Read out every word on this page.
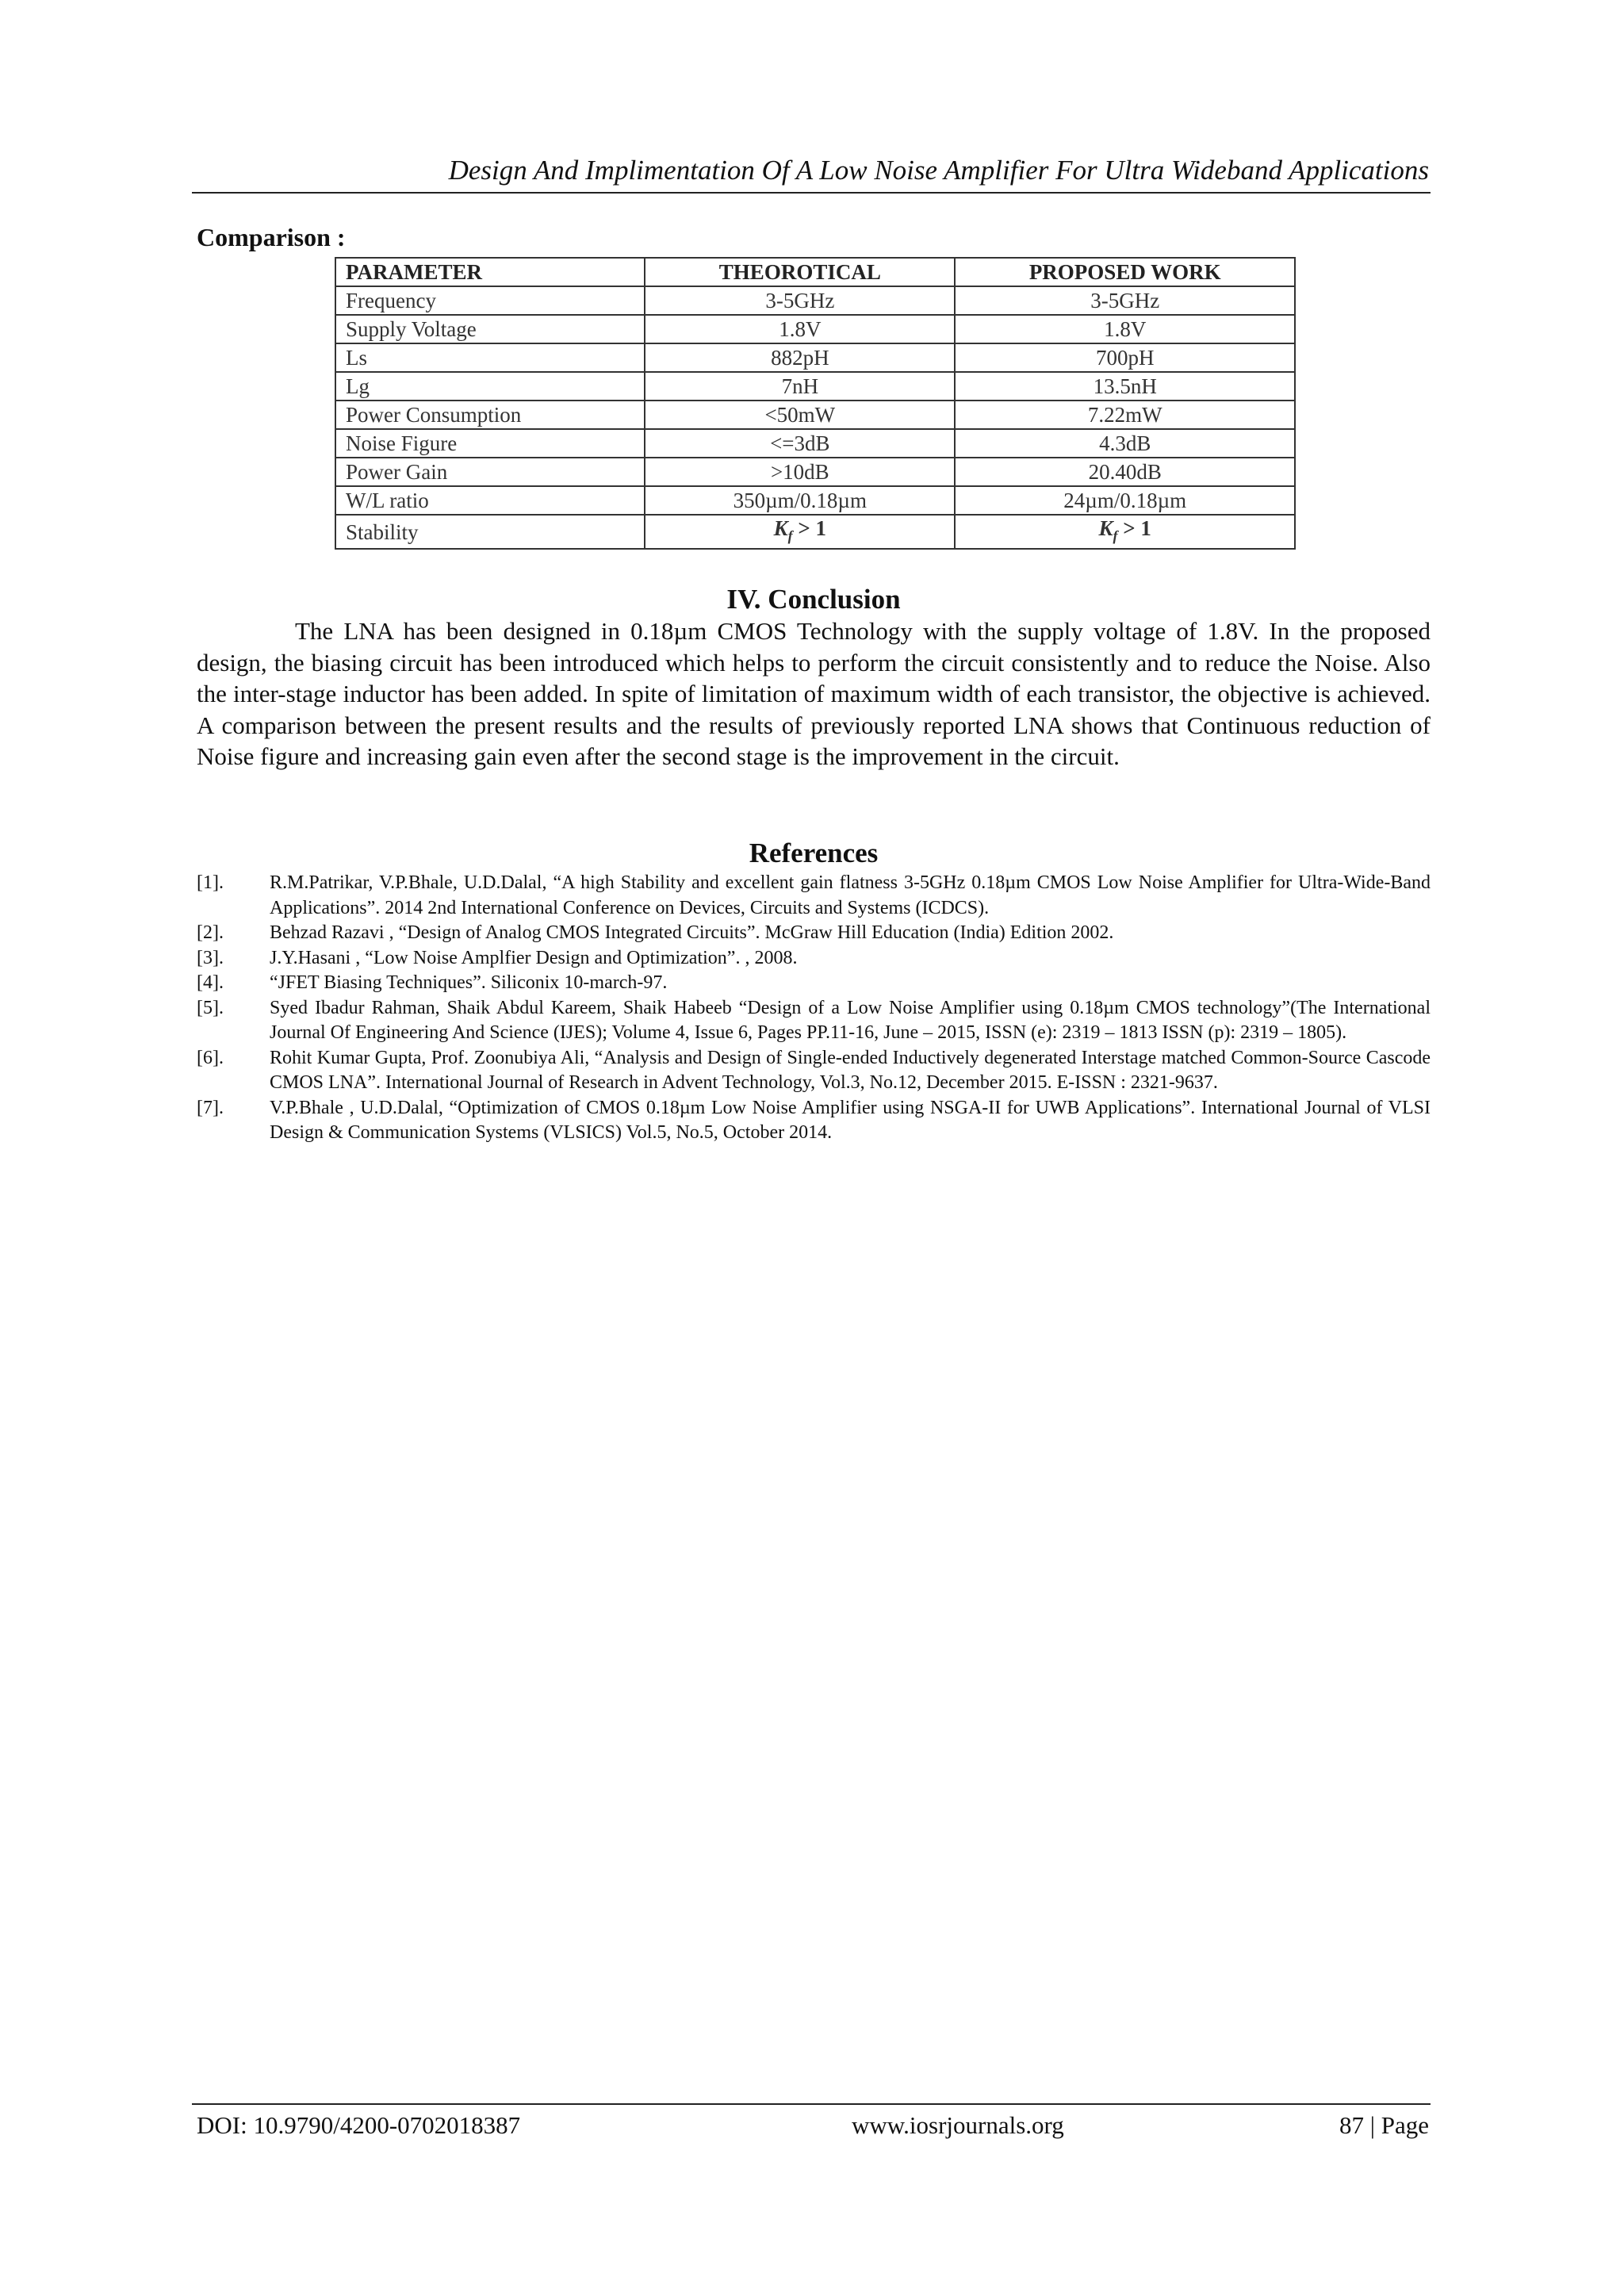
Design And Implimentation Of A Low Noise Amplifier For Ultra Wideband Applications
Comparison :
PARAMETER	THEOROTICAL	PROPOSED WORK
Frequency	3-5GHz	3-5GHz
Supply Voltage	1.8V	1.8V
Ls	882pH	700pH
Lg	7nH	13.5nH
Power Consumption	<50mW	7.22mW
Noise Figure	<=3dB	4.3dB
Power Gain	>10dB	20.40dB
W/L ratio	350µm/0.18µm	24µm/0.18µm
Stability	$K_f > 1$	$K_f > 1$
IV. Conclusion

The LNA has been designed in 0.18µm CMOS Technology with the supply voltage of 1.8V. In the proposed design, the biasing circuit has been introduced which helps to perform the circuit consistently and to reduce the Noise. Also the inter-stage inductor has been added. In spite of limitation of maximum width of each transistor, the objective is achieved. A comparison between the present results and the results of previously reported LNA shows that Continuous reduction of Noise figure and increasing gain even after the second stage is the improvement in the circuit.

References
[1].	R.M.Patrikar, V.P.Bhale, U.D.Dalal, “A high Stability and excellent gain flatness 3-5GHz 0.18µm CMOS Low Noise Amplifier for Ultra-Wide-Band Applications”. 2014 2nd International Conference on Devices, Circuits and Systems (ICDCS).
[2].	Behzad Razavi , “Design of Analog CMOS Integrated Circuits”. McGraw Hill Education (India) Edition 2002.
[3].	J.Y.Hasani , “Low Noise Amplfier Design and Optimization”. , 2008.
[4].	“JFET Biasing Techniques”. Siliconix 10-march-97.
[5].	Syed Ibadur Rahman, Shaik Abdul Kareem, Shaik Habeeb “Design of a Low Noise Amplifier using 0.18µm CMOS technology”(The International Journal Of Engineering And Science (IJES); Volume 4, Issue 6, Pages PP.11-16, June – 2015, ISSN (e): 2319 – 1813 ISSN (p): 2319 – 1805).
[6].	Rohit Kumar Gupta, Prof. Zoonubiya Ali, “Analysis and Design of Single-ended Inductively degenerated Interstage matched Common-Source Cascode CMOS LNA”. International Journal of Research in Advent Technology, Vol.3, No.12, December 2015. E-ISSN : 2321-9637.
[7].	V.P.Bhale , U.D.Dalal, “Optimization of CMOS 0.18µm Low Noise Amplifier using NSGA-II for UWB Applications”. International Journal of VLSI Design & Communication Systems (VLSICS) Vol.5, No.5, October 2014.
DOI: 10.9790/4200-0702018387	www.iosrjournals.org	87 | Page
